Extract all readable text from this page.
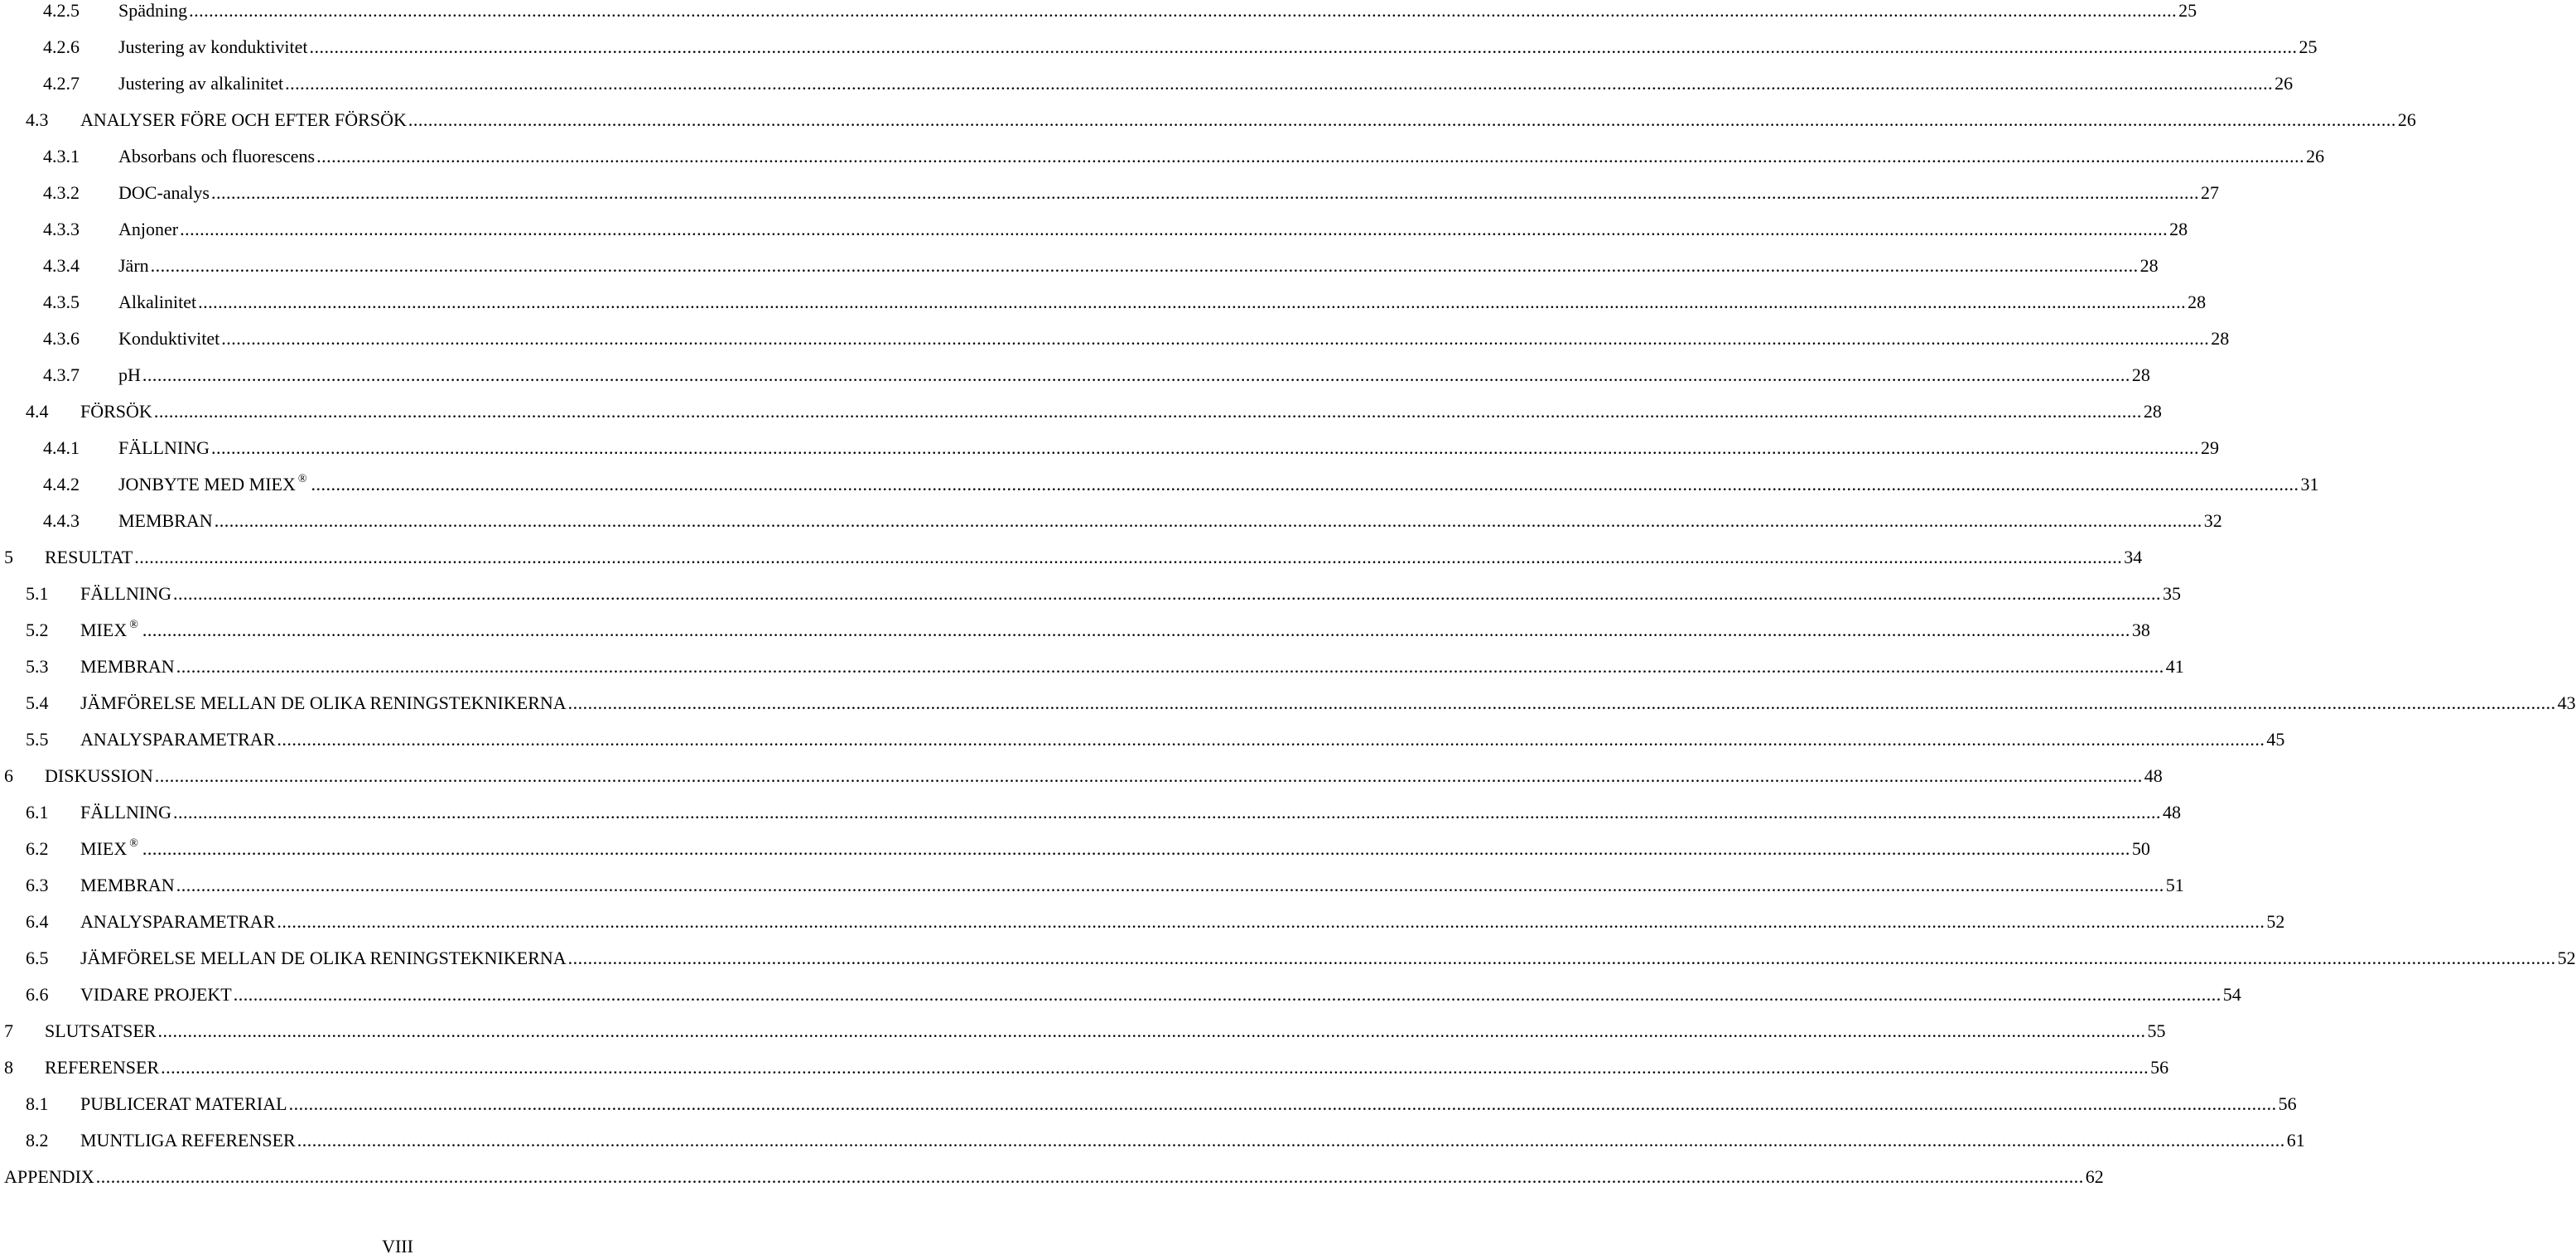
4.2.5 Spädning ................................................................................................................................................................................................................................................................................................................................................................................................................ 25
4.2.6 Justering av konduktivitet ................................................................................................................................................................................................................................................................................................................................................................................................................ 25
4.2.7 Justering av alkalinitet ................................................................................................................................................................................................................................................................................................................................................................................................................ 26
4.3 ANALYSER FÖRE OCH EFTER FÖRSÖK ................................................................................................................................................................................................................................................................................................................................................................................................................ 26
4.3.1 Absorbans och fluorescens ................................................................................................................................................................................................................................................................................................................................................................................................................ 26
4.3.2 DOC-analys ................................................................................................................................................................................................................................................................................................................................................................................................................ 27
4.3.3 Anjoner ................................................................................................................................................................................................................................................................................................................................................................................................................ 28
4.3.4 Järn ................................................................................................................................................................................................................................................................................................................................................................................................................ 28
4.3.5 Alkalinitet ................................................................................................................................................................................................................................................................................................................................................................................................................ 28
4.3.6 Konduktivitet ................................................................................................................................................................................................................................................................................................................................................................................................................ 28
4.3.7 pH ................................................................................................................................................................................................................................................................................................................................................................................................................ 28
4.4 FÖRSÖK ................................................................................................................................................................................................................................................................................................................................................................................................................ 28
4.4.1 FÄLLNING ................................................................................................................................................................................................................................................................................................................................................................................................................ 29
4.4.2 JONBYTE MED MIEX ® ................................................................................................................................................................................................................................................................................................................................................................................................................ 31
4.4.3 MEMBRAN ................................................................................................................................................................................................................................................................................................................................................................................................................ 32
5 RESULTAT ................................................................................................................................................................................................................................................................................................................................................................................................................ 34
5.1 FÄLLNING ................................................................................................................................................................................................................................................................................................................................................................................................................ 35
5.2 MIEX ® ................................................................................................................................................................................................................................................................................................................................................................................................................ 38
5.3 MEMBRAN ................................................................................................................................................................................................................................................................................................................................................................................................................ 41
5.4 JÄMFÖRELSE MELLAN DE OLIKA RENINGSTEKNIKERNA ................................................................................................................................................................................................................................................................................................................................................................................................................ 43
5.5 ANALYSPARAMETRAR ................................................................................................................................................................................................................................................................................................................................................................................................................ 45
6 DISKUSSION ................................................................................................................................................................................................................................................................................................................................................................................................................ 48
6.1 FÄLLNING ................................................................................................................................................................................................................................................................................................................................................................................................................ 48
6.2 MIEX ® ................................................................................................................................................................................................................................................................................................................................................................................................................ 50
6.3 MEMBRAN ................................................................................................................................................................................................................................................................................................................................................................................................................ 51
6.4 ANALYSPARAMETRAR ................................................................................................................................................................................................................................................................................................................................................................................................................ 52
6.5 JÄMFÖRELSE MELLAN DE OLIKA RENINGSTEKNIKERNA ................................................................................................................................................................................................................................................................................................................................................................................................................ 52
6.6 VIDARE PROJEKT ................................................................................................................................................................................................................................................................................................................................................................................................................ 54
7 SLUTSATSER ................................................................................................................................................................................................................................................................................................................................................................................................................ 55
8 REFERENSER ................................................................................................................................................................................................................................................................................................................................................................................................................ 56
8.1 PUBLICERAT MATERIAL ................................................................................................................................................................................................................................................................................................................................................................................................................ 56
8.2 MUNTLIGA REFERENSER ................................................................................................................................................................................................................................................................................................................................................................................................................ 61
APPENDIX ................................................................................................................................................................................................................................................................................................................................................................................................................ 62
VIII
